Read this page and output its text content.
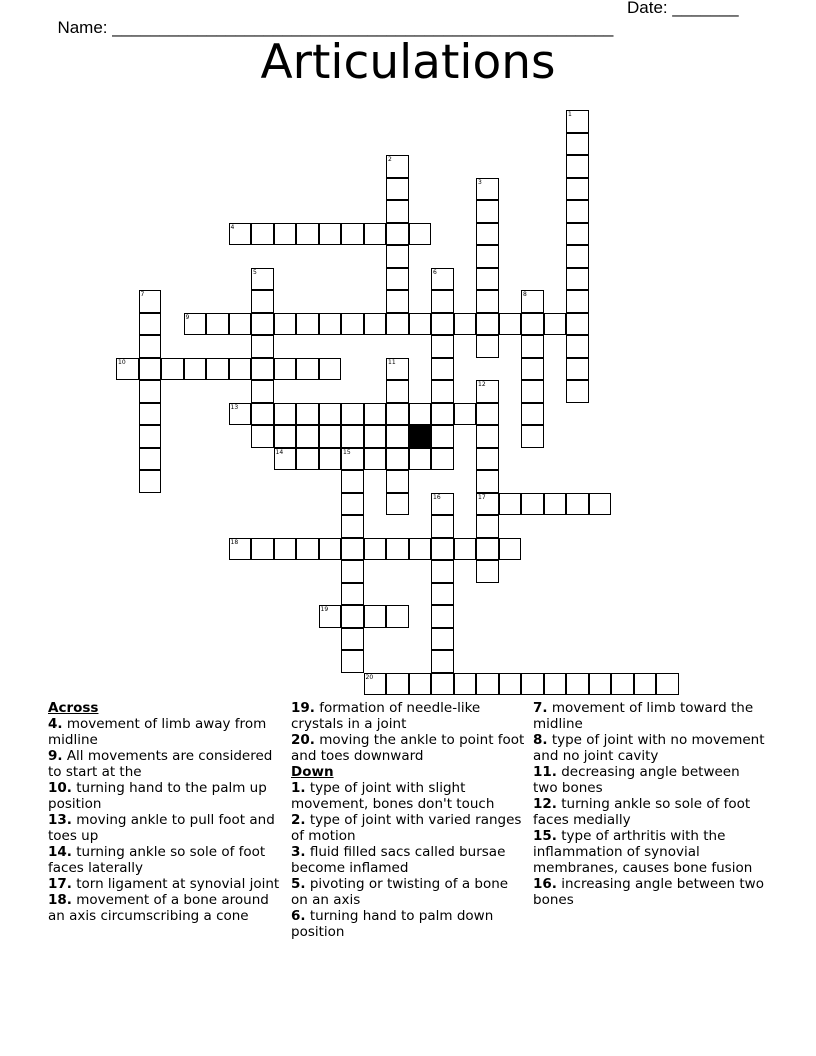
Name: _____________________________________________________

Date: _______

Articulations
1
2
3
4
5	6
7	8
9
10	11
12
17
13
14	15
16
18
19
20
Across
4. movement of limb away from midline
9. All movements are considered to start at the
10. turning hand to the palm up position
13. moving ankle to pull foot and toes up
14. turning ankle so sole of foot faces laterally
17. torn ligament at synovial joint
18. movement of a bone around an axis circumscribing a cone
19. formation of needle-like crystals in a joint
20. moving the ankle to point foot and toes downward
Down
1. type of joint with slight movement, bones don't touch
2. type of joint with varied ranges of motion
3. fluid filled sacs called bursae become inflamed
5. pivoting or twisting of a bone on an axis
6. turning hand to palm down position
7. movement of limb toward the midline
8. type of joint with no movement and no joint cavity
11. decreasing angle between two bones
12. turning ankle so sole of foot faces medially
15. type of arthritis with the inflammation of synovial membranes, causes bone fusion
16. increasing angle between two bones
